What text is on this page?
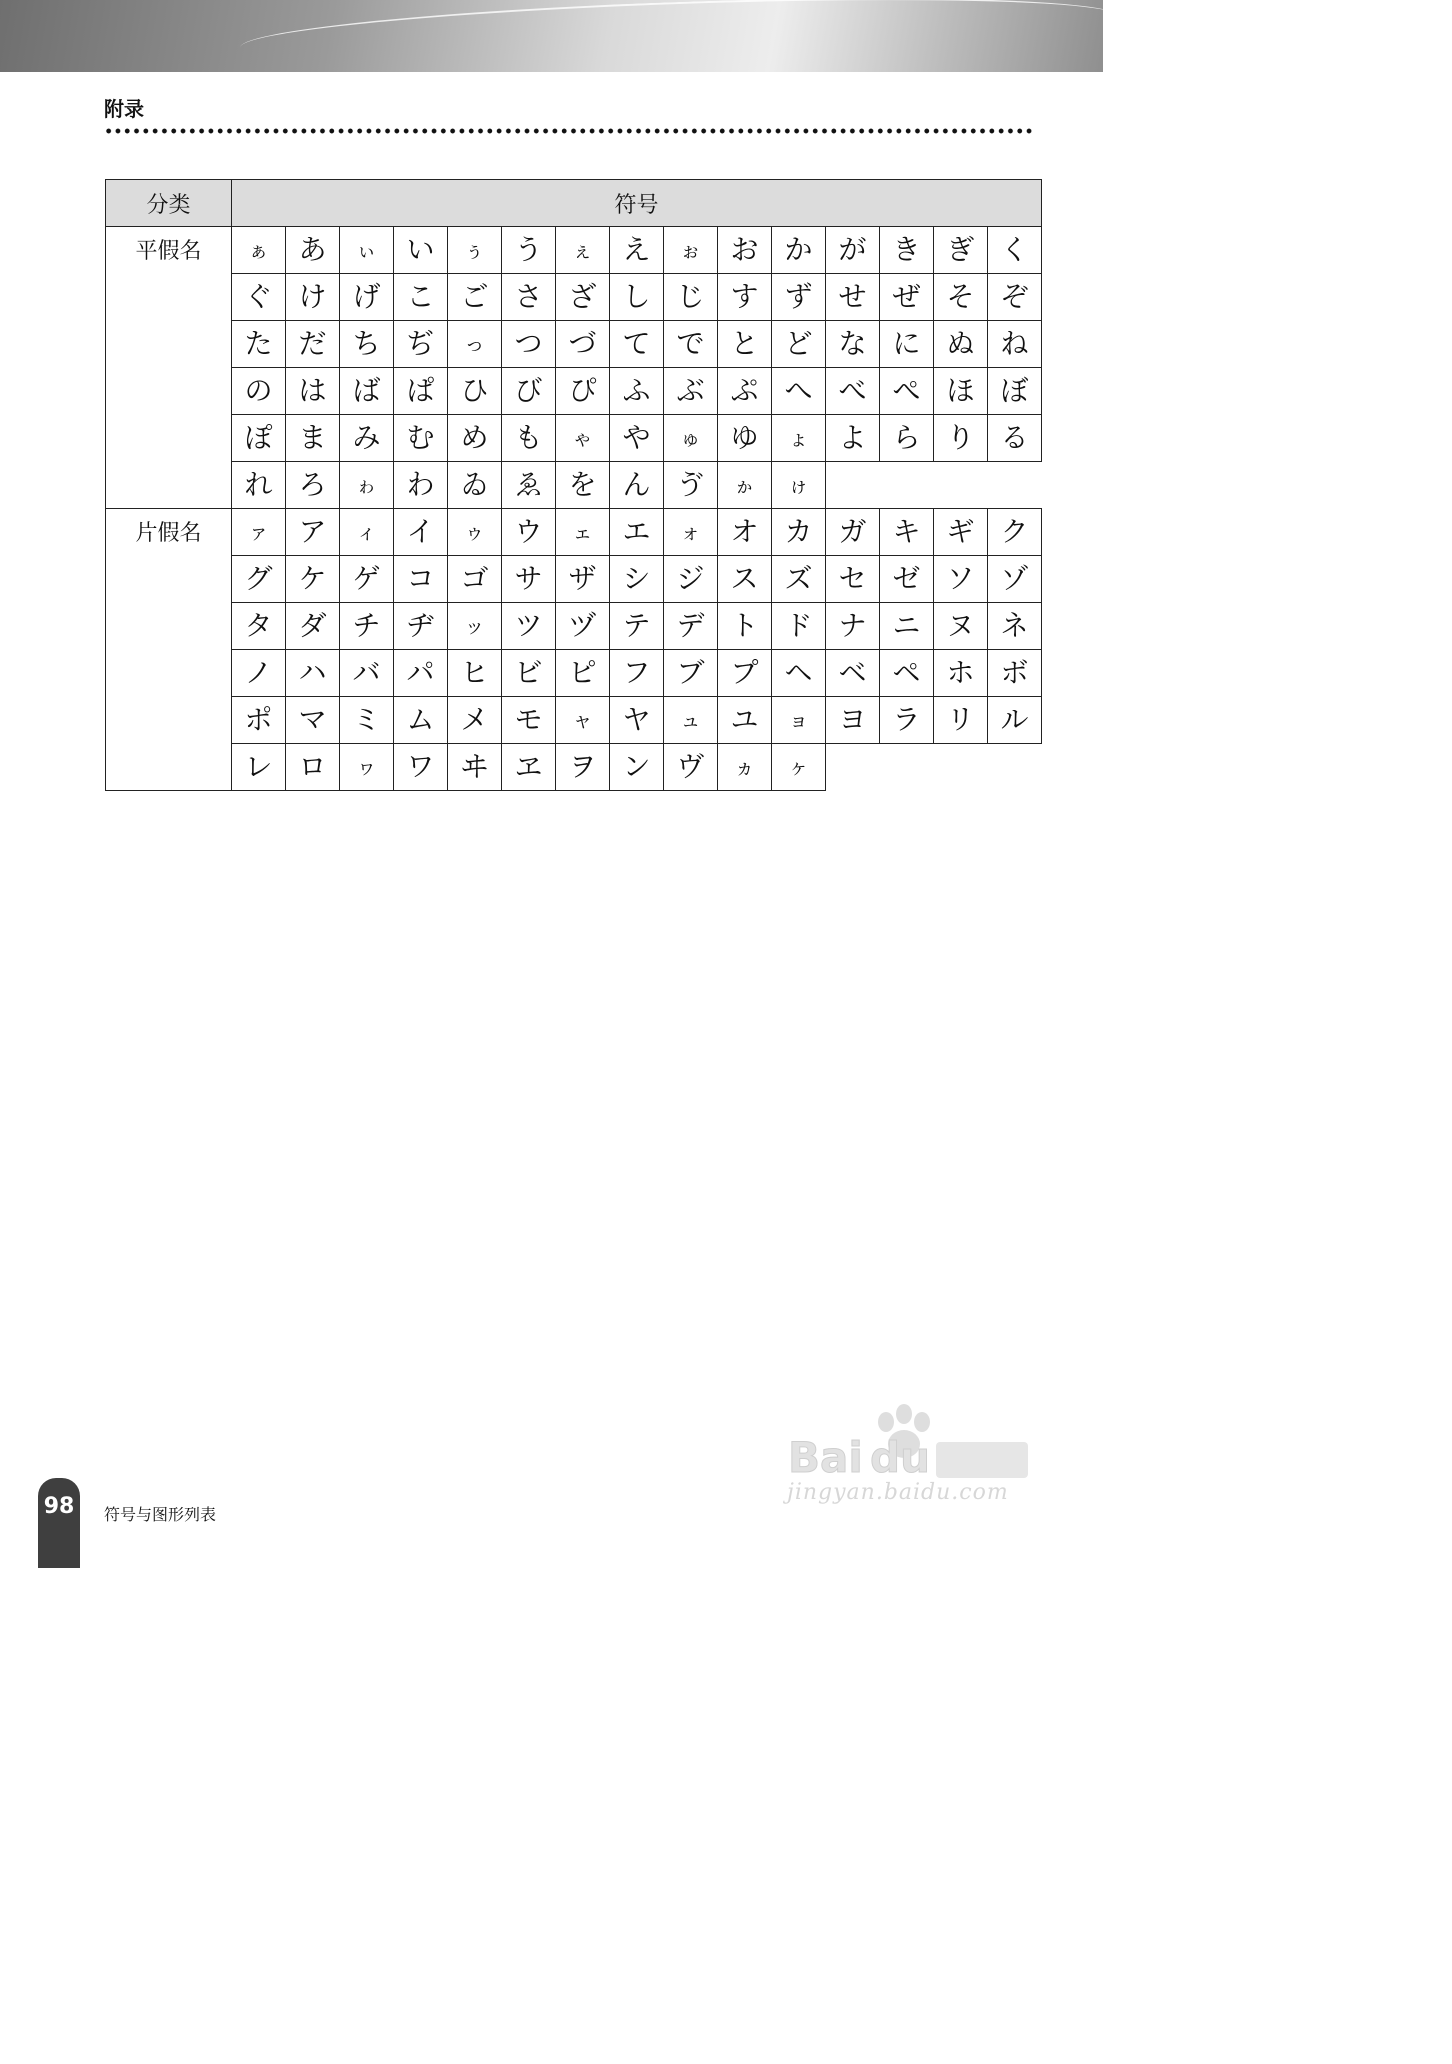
附录
分类	符号														
平假名	ぁ	あ	ぃ	い	ぅ	う	ぇ	え	ぉ	お	か	が	き	ぎ	く
	ぐ	け	げ	こ	ご	さ	ざ	し	じ	す	ず	せ	ぜ	そ	ぞ
	た	だ	ち	ぢ	っ	つ	づ	て	で	と	ど	な	に	ぬ	ね
	の	は	ば	ぱ	ひ	び	ぴ	ふ	ぶ	ぷ	へ	べ	ぺ	ほ	ぼ
	ぽ	ま	み	む	め	も	ゃ	や	ゅ	ゆ	ょ	よ	ら	り	る
	れ	ろ	ゎ	わ	ゐ	ゑ	を	ん	ゔ	ゕ	ゖ				
片假名	ァ	ア	ィ	イ	ゥ	ウ	ェ	エ	ォ	オ	カ	ガ	キ	ギ	ク
	グ	ケ	ゲ	コ	ゴ	サ	ザ	シ	ジ	ス	ズ	セ	ゼ	ソ	ゾ
	タ	ダ	チ	ヂ	ッ	ツ	ヅ	テ	デ	ト	ド	ナ	ニ	ヌ	ネ
	ノ	ハ	バ	パ	ヒ	ビ	ピ	フ	ブ	プ	ヘ	ベ	ペ	ホ	ボ
	ポ	マ	ミ	ム	メ	モ	ャ	ヤ	ュ	ユ	ョ	ヨ	ラ	リ	ル
	レ	ロ	ヮ	ワ	ヰ	ヱ	ヲ	ン	ヴ	ヵ	ヶ				
Bai du
jingyan.baidu.com
98	符号与图形列表
